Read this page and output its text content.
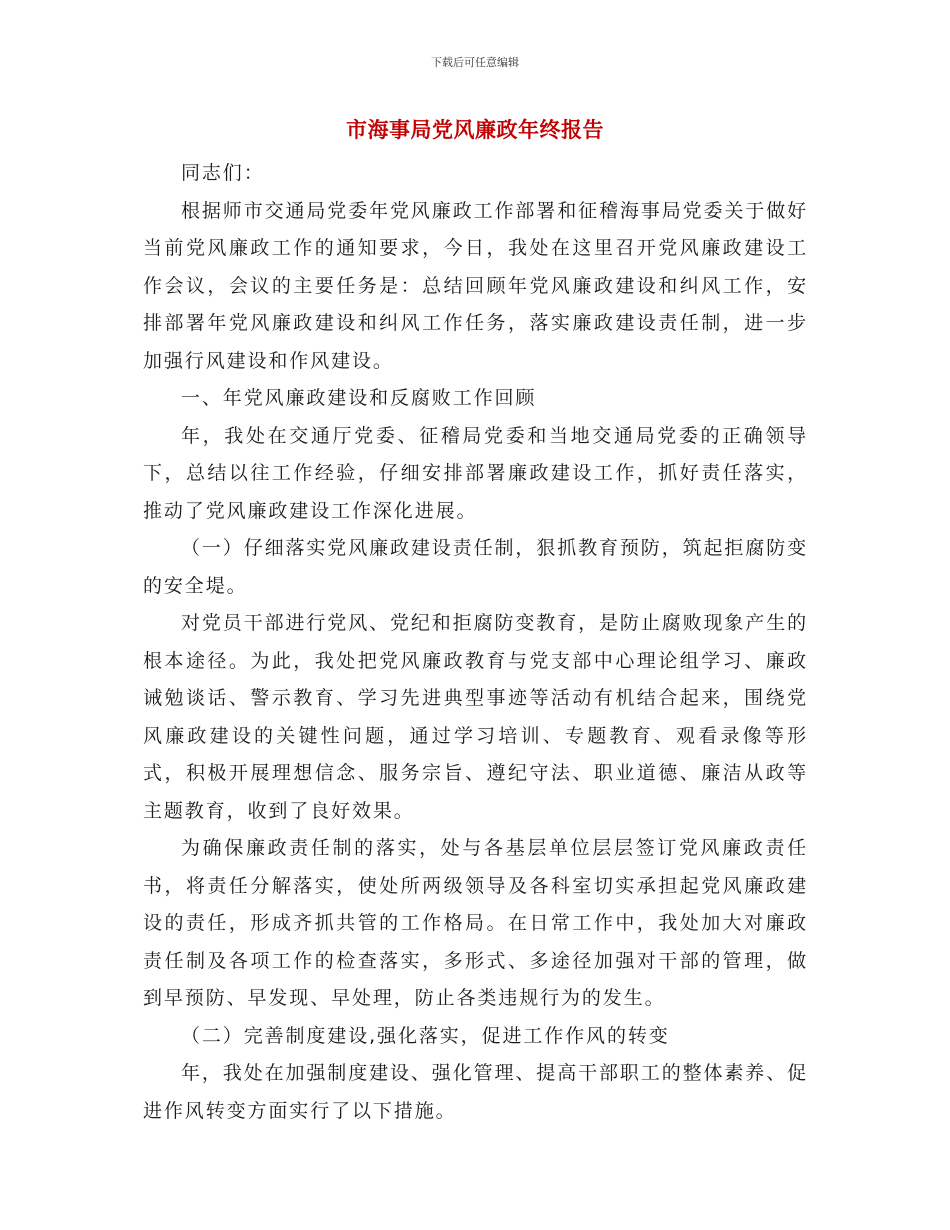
下载后可任意编辑
市海事局党风廉政年终报告

同志们：

根据师市交通局党委年党风廉政工作部署和征稽海事局党委关于做好当前党风廉政工作的通知要求，今日，我处在这里召开党风廉政建设工作会议，会议的主要任务是：总结回顾年党风廉政建设和纠风工作，安排部署年党风廉政建设和纠风工作任务，落实廉政建设责任制，进一步加强行风建设和作风建设。

一、年党风廉政建设和反腐败工作回顾

年，我处在交通厅党委、征稽局党委和当地交通局党委的正确领导下，总结以往工作经验，仔细安排部署廉政建设工作，抓好责任落实，推动了党风廉政建设工作深化进展。

（一）仔细落实党风廉政建设责任制，狠抓教育预防，筑起拒腐防变的安全堤。

对党员干部进行党风、党纪和拒腐防变教育，是防止腐败现象产生的根本途径。为此，我处把党风廉政教育与党支部中心理论组学习、廉政诫勉谈话、警示教育、学习先进典型事迹等活动有机结合起来，围绕党风廉政建设的关键性问题，通过学习培训、专题教育、观看录像等形式，积极开展理想信念、服务宗旨、遵纪守法、职业道德、廉洁从政等主题教育，收到了良好效果。

为确保廉政责任制的落实，处与各基层单位层层签订党风廉政责任书，将责任分解落实，使处所两级领导及各科室切实承担起党风廉政建设的责任，形成齐抓共管的工作格局。在日常工作中，我处加大对廉政责任制及各项工作的检查落实，多形式、多途径加强对干部的管理，做到早预防、早发现、早处理，防止各类违规行为的发生。

（二）完善制度建设,强化落实，促进工作作风的转变

年，我处在加强制度建设、强化管理、提高干部职工的整体素养、促进作风转变方面实行了以下措施。
